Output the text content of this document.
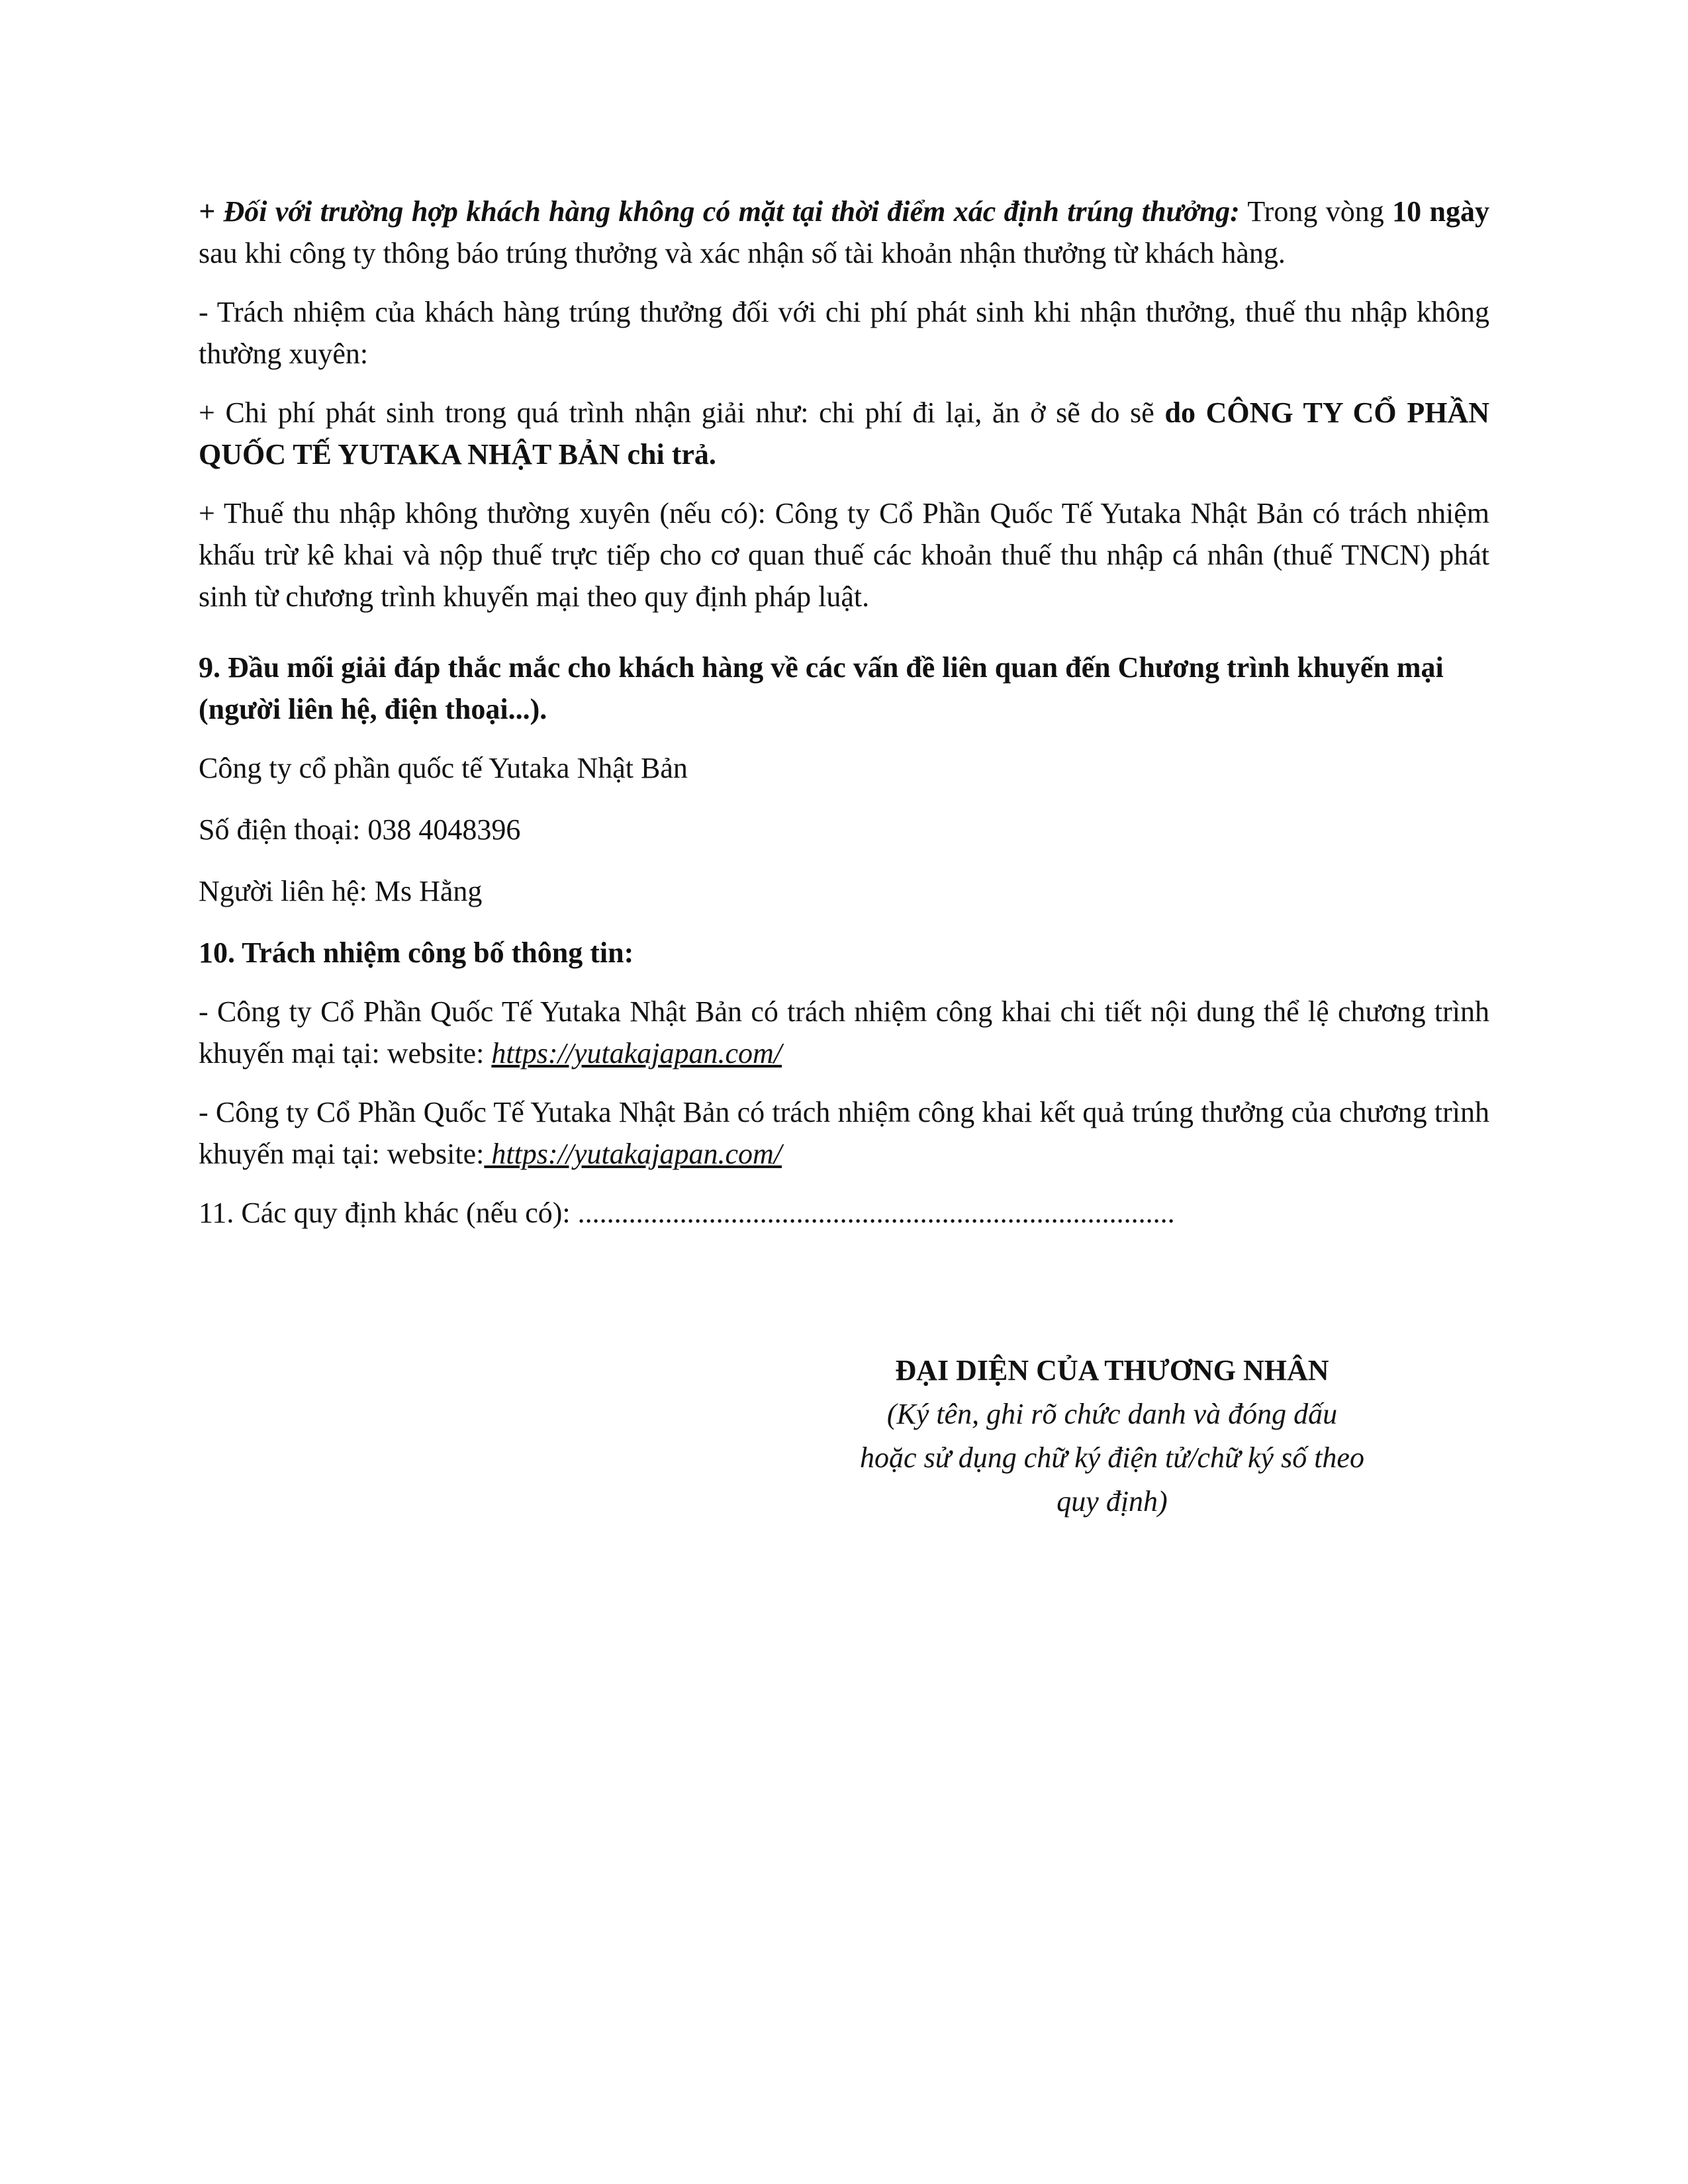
+ Đối với trường hợp khách hàng không có mặt tại thời điểm xác định trúng thưởng: Trong vòng 10 ngày sau khi công ty thông báo trúng thưởng và xác nhận số tài khoản nhận thưởng từ khách hàng.

- Trách nhiệm của khách hàng trúng thưởng đối với chi phí phát sinh khi nhận thưởng, thuế thu nhập không thường xuyên:

+ Chi phí phát sinh trong quá trình nhận giải như: chi phí đi lại, ăn ở sẽ do sẽ do CÔNG TY CỔ PHẦN QUỐC TẾ YUTAKA NHẬT BẢN chi trả.

+ Thuế thu nhập không thường xuyên (nếu có): Công ty Cổ Phần Quốc Tế Yutaka Nhật Bản có trách nhiệm khấu trừ kê khai và nộp thuế trực tiếp cho cơ quan thuế các khoản thuế thu nhập cá nhân (thuế TNCN) phát sinh từ chương trình khuyến mại theo quy định pháp luật.

9. Đầu mối giải đáp thắc mắc cho khách hàng về các vấn đề liên quan đến Chương trình khuyến mại (người liên hệ, điện thoại...).

Công ty cổ phần quốc tế Yutaka Nhật Bản

Số điện thoại: 038 4048396

Người liên hệ: Ms Hằng

10. Trách nhiệm công bố thông tin:

- Công ty Cổ Phần Quốc Tế Yutaka Nhật Bản có trách nhiệm công khai chi tiết nội dung thể lệ chương trình khuyến mại tại: website: https://yutakajapan.com/

- Công ty Cổ Phần Quốc Tế Yutaka Nhật Bản có trách nhiệm công khai kết quả trúng thưởng của chương trình khuyến mại tại: website: https://yutakajapan.com/

11. Các quy định khác (nếu có): ..................................................................................

ĐẠI DIỆN CỦA THƯƠNG NHÂN
(Ký tên, ghi rõ chức danh và đóng dấu
hoặc sử dụng chữ ký điện tử/chữ ký số theo
quy định)
